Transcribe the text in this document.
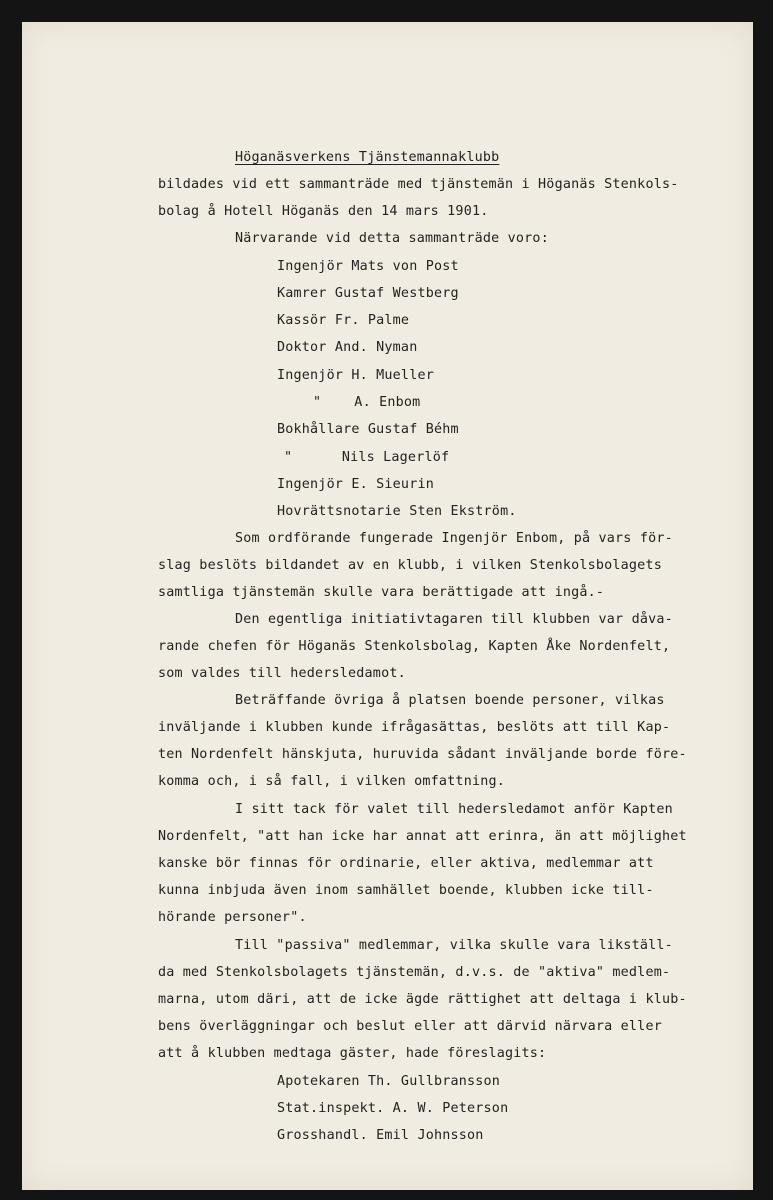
Höganäsverkens Tjänstemannaklubb
bildades vid ett sammanträde med tjänstemän i Höganäs Stenkols-
bolag å Hotell Höganäs den 14 mars 1901.
Närvarande vid detta sammanträde voro:
Ingenjör Mats von Post
Kamrer Gustaf Westberg
Kassör Fr. Palme
Doktor And. Nyman
Ingenjör H. Mueller
"    A. Enbom
Bokhållare Gustaf Béhm
"      Nils Lagerlöf
Ingenjör E. Sieurin
Hovrättsnotarie Sten Ekström.
Som ordförande fungerade Ingenjör Enbom, på vars för-
slag beslöts bildandet av en klubb, i vilken Stenkolsbolagets
samtliga tjänstemän skulle vara berättigade att ingå.-
Den egentliga initiativtagaren till klubben var dåva-
rande chefen för Höganäs Stenkolsbolag, Kapten Åke Nordenfelt,
som valdes till hedersledamot.
Beträffande övriga å platsen boende personer, vilkas
inväljande i klubben kunde ifrågasättas, beslöts att till Kap-
ten Nordenfelt hänskjuta, huruvida sådant inväljande borde före-
komma och, i så fall, i vilken omfattning.
I sitt tack för valet till hedersledamot anför Kapten
Nordenfelt, "att han icke har annat att erinra, än att möjlighet
kanske bör finnas för ordinarie, eller aktiva, medlemmar att
kunna inbjuda även inom samhället boende, klubben icke till-
hörande personer".
Till "passiva" medlemmar, vilka skulle vara likställ-
da med Stenkolsbolagets tjänstemän, d.v.s. de "aktiva" medlem-
marna, utom däri, att de icke ägde rättighet att deltaga i klub-
bens överläggningar och beslut eller att därvid närvara eller
att å klubben medtaga gäster, hade föreslagits:
Apotekaren Th. Gullbransson
Stat.inspekt. A. W. Peterson
Grosshandl. Emil Johnsson
